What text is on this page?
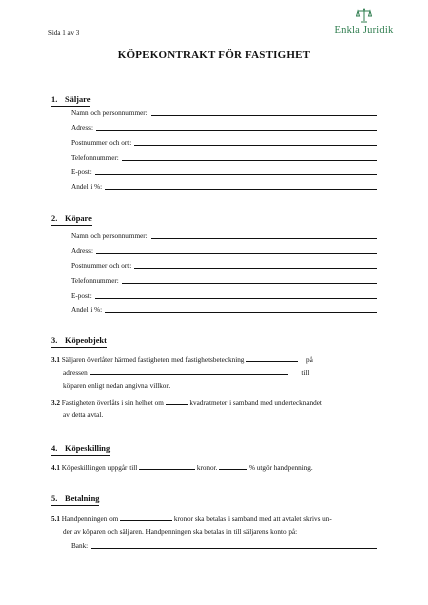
Sida 1 av 3	Enkla Juridik
KÖPEKONTRAKT FÖR FASTIGHET
1. Säljare
Namn och personnummer:
Adress:
Postnummer och ort:
Telefonnummer:
E-post:
Andel i %:
2. Köpare
Namn och personnummer:
Adress:
Postnummer och ort:
Telefonnummer:
E-post:
Andel i %:
3. Köpeobjekt
3.1 Säljaren överlåter härmed fastigheten med fastighetsbeteckning	på
adressen	till
köparen enligt nedan angivna villkor.
3.2 Fastigheten överlåts i sin helhet om	kvadratmeter i samband med undertecknandet
av detta avtal.
4. Köpeskilling
4.1 Köpeskillingen uppgår till	kronor.	% utgör handpenning.
5. Betalning
5.1 Handpenningen om	kronor ska betalas i samband med att avtalet skrivs un-
der av köparen och säljaren. Handpenningen ska betalas in till säljarens konto på:
Bank:
